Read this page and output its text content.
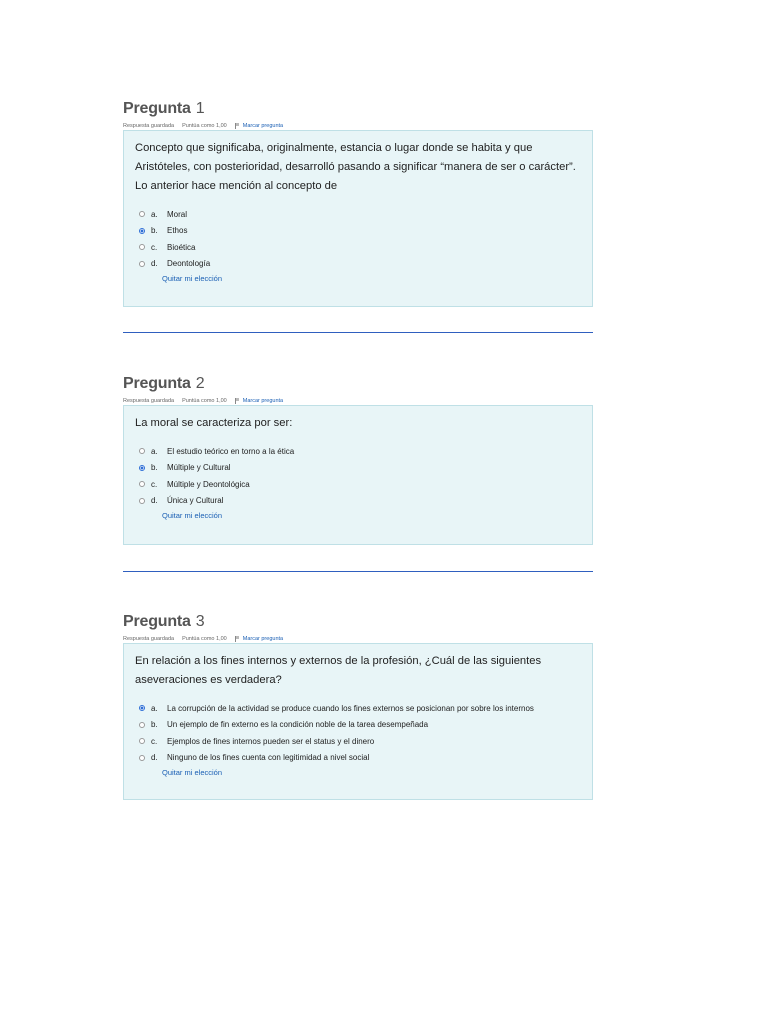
Pregunta 1
Respuesta guardada Puntúa como 1,00	Marcar pregunta

Concepto que significaba, originalmente, estancia o lugar donde se habita y que Aristóteles, con posterioridad, desarrolló pasando a significar “manera de ser o carácter”. Lo anterior hace mención al concepto de

a.	Moral
b.	Ethos
c.	Bioética
d.	Deontología
Quitar mi elección
Pregunta 2
Respuesta guardada Puntúa como 1,00	Marcar pregunta

La moral se caracteriza por ser:

a.	El estudio teórico en torno a la ética
b.	Múltiple y Cultural
c.	Múltiple y Deontológica
d.	Única y Cultural
Quitar mi elección
Pregunta 3
Respuesta guardada Puntúa como 1,00	Marcar pregunta

En relación a los fines internos y externos de la profesión, ¿Cuál de las siguientes aseveraciones es verdadera?

a.	La corrupción de la actividad se produce cuando los fines externos se posicionan por sobre los internos
b.	Un ejemplo de fin externo es la condición noble de la tarea desempeñada
c.	Ejemplos de fines internos pueden ser el status y el dinero
d.	Ninguno de los fines cuenta con legitimidad a nivel social
Quitar mi elección
